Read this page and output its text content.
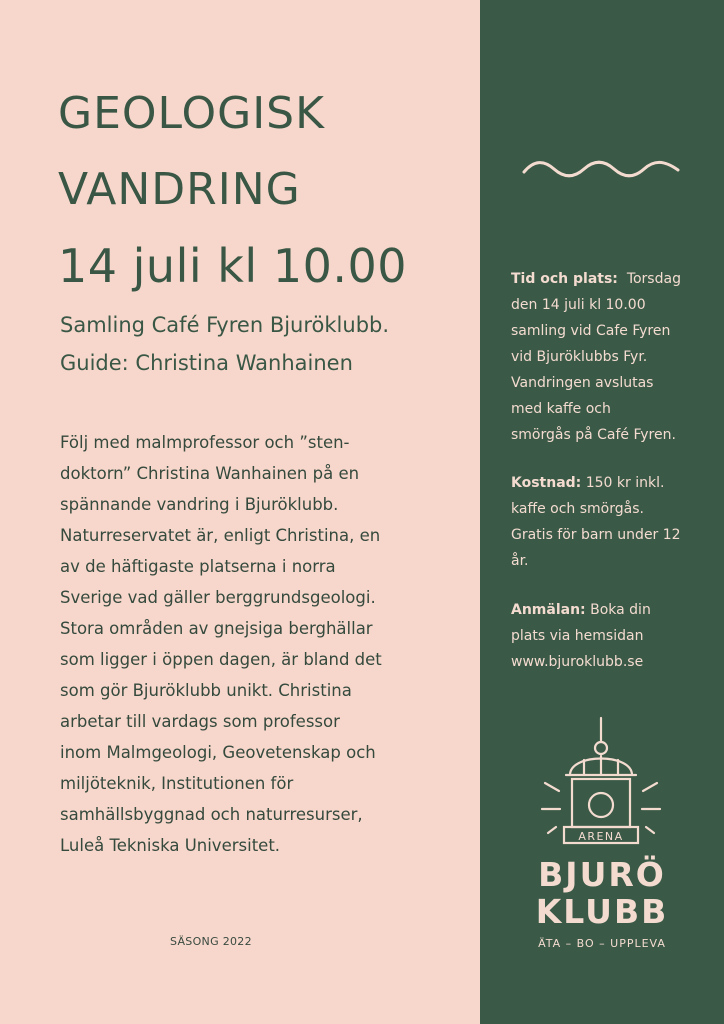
GEOLOGISK
VANDRING
14 juli kl 10.00
Samling Café Fyren Bjuröklubb.
Guide: Christina Wanhainen
Följ med malmprofessor och ”sten-
doktorn” Christina Wanhainen på en
spännande vandring i Bjuröklubb.
Naturreservatet är, enligt Christina, en
av de häftigaste platserna i norra
Sverige vad gäller berggrundsgeologi.
Stora områden av gnejsiga berghällar
som ligger i öppen dagen, är bland det
som gör Bjuröklubb unikt. Christina
arbetar till vardags som professor
inom Malmgeologi, Geovetenskap och
miljöteknik, Institutionen för
samhällsbyggnad och naturresurser,
Luleå Tekniska Universitet.
SÄSONG 2022
Tid och plats: Torsdag
den 14 juli kl 10.00
samling vid Cafe Fyren
vid Bjuröklubbs Fyr.
Vandringen avslutas
med kaffe och
smörgås på Café Fyren.
Kostnad: 150 kr inkl.
kaffe och smörgås.
Gratis för barn under 12
år.
Anmälan: Boka din
plats via hemsidan
www.bjuroklubb.se
ARENA
BJURÖ
KLUBB
ÄTA – BO – UPPLEVA
